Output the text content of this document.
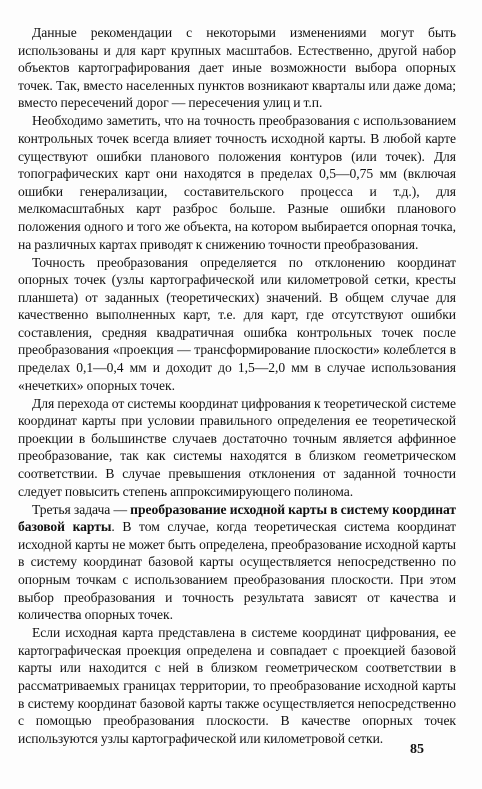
Данные рекомендации с некоторыми изменениями могут быть использованы и для карт крупных масштабов. Естественно, другой набор объектов картографирования дает иные возможности выбора опорных точек. Так, вместо населенных пунктов возникают кварталы или даже дома; вместо пересечений дорог — пересечения улиц и т.п.

Необходимо заметить, что на точность преобразования с использованием контрольных точек всегда влияет точность исходной карты. В любой карте существуют ошибки планового положения контуров (или точек). Для топографических карт они находятся в пределах 0,5—0,75 мм (включая ошибки генерализации, составительского процесса и т.д.), для мелкомасштабных карт разброс больше. Разные ошибки планового положения одного и того же объекта, на котором выбирается опорная точка, на различных картах приводят к снижению точности преобразования.

Точность преобразования определяется по отклонению координат опорных точек (узлы картографической или километровой сетки, кресты планшета) от заданных (теоретических) значений. В общем случае для качественно выполненных карт, т.е. для карт, где отсутствуют ошибки составления, средняя квадратичная ошибка контрольных точек после преобразования «проекция — трансформирование плоскости» колеблется в пределах 0,1—0,4 мм и доходит до 1,5—2,0 мм в случае использования «нечетких» опорных точек.

Для перехода от системы координат цифрования к теоретической системе координат карты при условии правильного определения ее теоретической проекции в большинстве случаев достаточно точным является аффинное преобразование, так как системы находятся в близком геометрическом соответствии. В случае превышения отклонения от заданной точности следует повысить степень аппроксимирующего полинома.

Третья задача — преобразование исходной карты в систему координат базовой карты. В том случае, когда теоретическая система координат исходной карты не может быть определена, преобразование исходной карты в систему координат базовой карты осуществляется непосредственно по опорным точкам с использованием преобразования плоскости. При этом выбор преобразования и точность результата зависят от качества и количества опорных точек.

Если исходная карта представлена в системе координат цифрования, ее картографическая проекция определена и совпадает с проекцией базовой карты или находится с ней в близком геометрическом соответствии в рассматриваемых границах территории, то преобразование исходной карты в систему координат базовой карты также осуществляется непосредственно с помощью преобразования плоскости. В качестве опорных точек используются узлы картографической или километровой сетки.

85
